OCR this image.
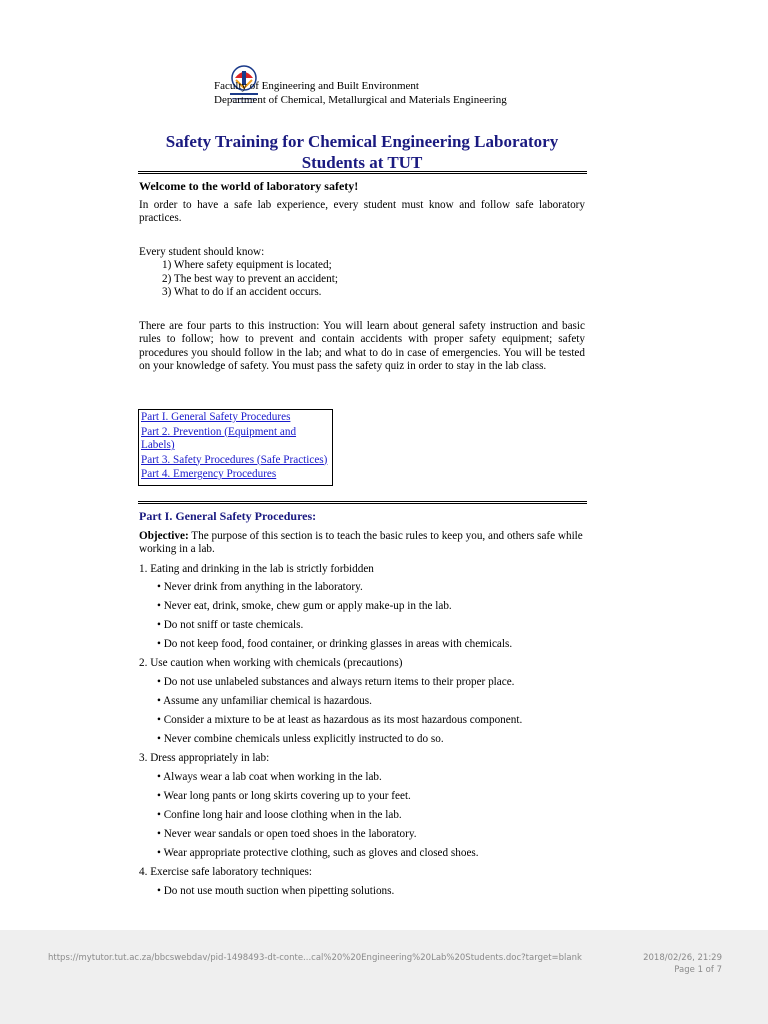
Faculty of Engineering and Built Environment
Department of Chemical, Metallurgical and Materials Engineering
Safety Training for Chemical Engineering Laboratory
Students at TUT

Welcome to the world of laboratory safety!

In order to have a safe lab experience, every student must know and follow safe laboratory practices.

Every student should know:

1) Where safety equipment is located;
2) The best way to prevent an accident;
3) What to do if an accident occurs.

There are four parts to this instruction: You will learn about general safety instruction and basic rules to follow; how to prevent and contain accidents with proper safety equipment; safety procedures you should follow in the lab; and what to do in case of emergencies. You will be tested on your knowledge of safety. You must pass the safety quiz in order to stay in the lab class.

Part I. General Safety Procedures
Part 2. Prevention (Equipment and Labels)
Part 3. Safety Procedures (Safe Practices)
Part 4. Emergency Procedures

Part I. General Safety Procedures:

Objective: The purpose of this section is to teach the basic rules to keep you, and others safe while working in a lab.

1. Eating and drinking in the lab is strictly forbidden

• Never drink from anything in the laboratory.

• Never eat, drink, smoke, chew gum or apply make-up in the lab.

• Do not sniff or taste chemicals.

• Do not keep food, food container, or drinking glasses in areas with chemicals.

2. Use caution when working with chemicals (precautions)

• Do not use unlabeled substances and always return items to their proper place.

• Assume any unfamiliar chemical is hazardous.

• Consider a mixture to be at least as hazardous as its most hazardous component.

• Never combine chemicals unless explicitly instructed to do so.

3. Dress appropriately in lab:

• Always wear a lab coat when working in the lab.

• Wear long pants or long skirts covering up to your feet.

• Confine long hair and loose clothing when in the lab.

• Never wear sandals or open toed shoes in the laboratory.

• Wear appropriate protective clothing, such as gloves and closed shoes.

4. Exercise safe laboratory techniques:

• Do not use mouth suction when pipetting solutions.

https://mytutor.tut.ac.za/bbcswebdav/pid-1498493-dt-conte...cal%20%20Engineering%20Lab%20Students.doc?target=blank	2018/02/26, 21:29
Page 1 of 7
